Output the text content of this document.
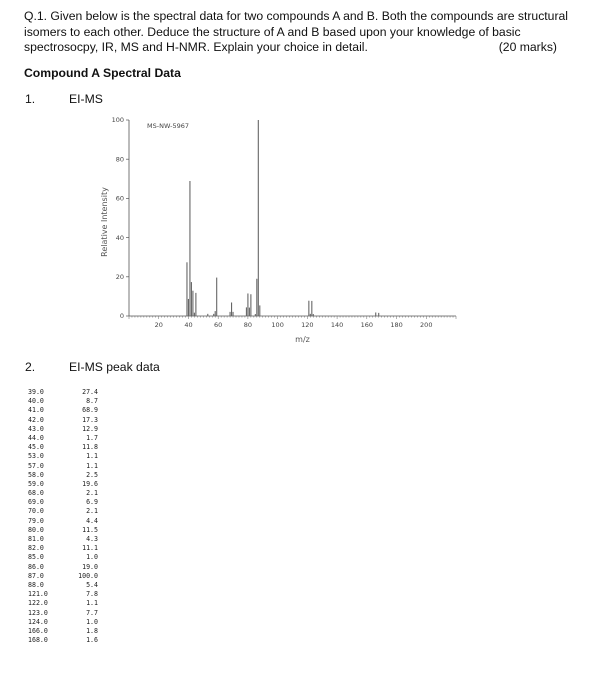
Q.1. Given below is the spectral data for two compounds A and B. Both the compounds are structural
isomers to each other. Deduce the structure of A and B based upon your knowledge of basic
spectrosocpy, IR, MS and H-NMR. Explain your choice in detail.	(20 marks)
Compound A Spectral Data
1.	EI-MS
2.	EI-MS peak data
20	40	60	80	100	120	140	160	180	200
0
20
40
60
80
100
MS-NW-5967
Relative Intensity
m/z
39.0	27.4
40.0	8.7
41.0	68.9
42.0	17.3
43.0	12.9
44.0	1.7
45.0	11.8
53.0	1.1
57.0	1.1
58.0	2.5
59.0	19.6
68.0	2.1
69.0	6.9
70.0	2.1
79.0	4.4
80.0	11.5
81.0	4.3
82.0	11.1
85.0	1.0
86.0	19.0
87.0	100.0
88.0	5.4
121.0	7.8
122.0	1.1
123.0	7.7
124.0	1.0
166.0	1.8
168.0	1.6
